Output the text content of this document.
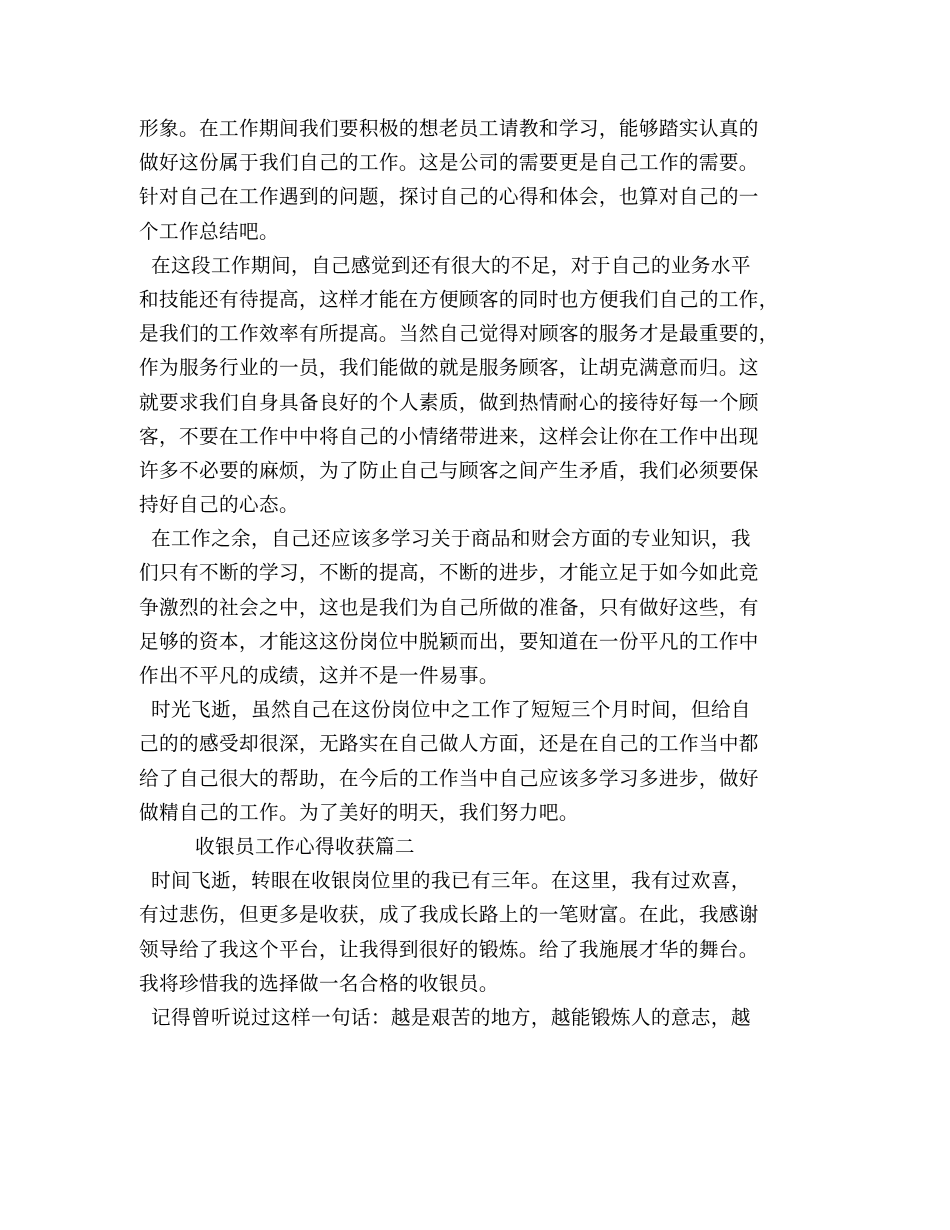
形象。在工作期间我们要积极的想老员工请教和学习，能够踏实认真的
做好这份属于我们自己的工作。这是公司的需要更是自己工作的需要。
针对自己在工作遇到的问题，探讨自己的心得和体会，也算对自己的一
个工作总结吧。
在这段工作期间，自己感觉到还有很大的不足，对于自己的业务水平
和技能还有待提高，这样才能在方便顾客的同时也方便我们自己的工作，
是我们的工作效率有所提高。当然自己觉得对顾客的服务才是最重要的，
作为服务行业的一员，我们能做的就是服务顾客，让胡克满意而归。这
就要求我们自身具备良好的个人素质，做到热情耐心的接待好每一个顾
客，不要在工作中中将自己的小情绪带进来，这样会让你在工作中出现
许多不必要的麻烦，为了防止自己与顾客之间产生矛盾，我们必须要保
持好自己的心态。
在工作之余，自己还应该多学习关于商品和财会方面的专业知识，我
们只有不断的学习，不断的提高，不断的进步，才能立足于如今如此竞
争激烈的社会之中，这也是我们为自己所做的准备，只有做好这些，有
足够的资本，才能这这份岗位中脱颖而出，要知道在一份平凡的工作中
作出不平凡的成绩，这并不是一件易事。
时光飞逝，虽然自己在这份岗位中之工作了短短三个月时间，但给自
己的的感受却很深，无路实在自己做人方面，还是在自己的工作当中都
给了自己很大的帮助，在今后的工作当中自己应该多学习多进步，做好
做精自己的工作。为了美好的明天，我们努力吧。
收银员工作心得收获篇二
时间飞逝，转眼在收银岗位里的我已有三年。在这里，我有过欢喜，
有过悲伤，但更多是收获，成了我成长路上的一笔财富。在此，我感谢
领导给了我这个平台，让我得到很好的锻炼。给了我施展才华的舞台。
我将珍惜我的选择做一名合格的收银员。
记得曾听说过这样一句话：越是艰苦的地方，越能锻炼人的意志，越
